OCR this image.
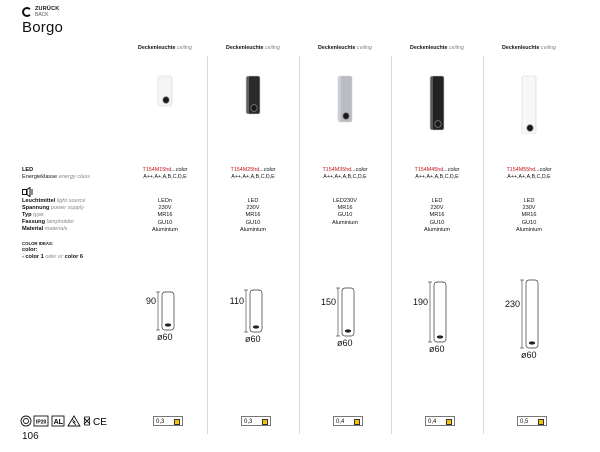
ZURÜCK
BACK
Borgo
LED
Energieklasse energy class
Leuchtmittel light source
Spannung power supply
Typ type
Fassung lampholder
Material materials
COLOR IDEAS:
color:
- color 1 oder or color 6
Deckenleuchte ceiling
T154M15hd...color
A++,A+,A,B,C,D,E
LEDn
230V
MR16
GU10
Aluminium
90
ø60
0,3
Deckenleuchte ceiling
T154M25hd...color
A++,A+,A,B,C,D,E
LED
230V
MR16
GU10
Aluminium
110
ø60
0,3
Deckenleuchte ceiling
T154M35hd...color
A++,A+,A,B,C,D,E
LED230V
MR16
GU10
Aluminium
150
ø60
0,4
Deckenleuchte ceiling
T154M45hd...color
A++,A+,A,B,C,D,E
LED
230V
MR16
GU10
Aluminium
190
ø60
0,4
Deckenleuchte ceiling
T154M55hd...color
A++,A+,A,B,C,D,E
LED
230V
MR16
GU10
Aluminium
230
ø60
0,5
IP20 AL	CE
106
